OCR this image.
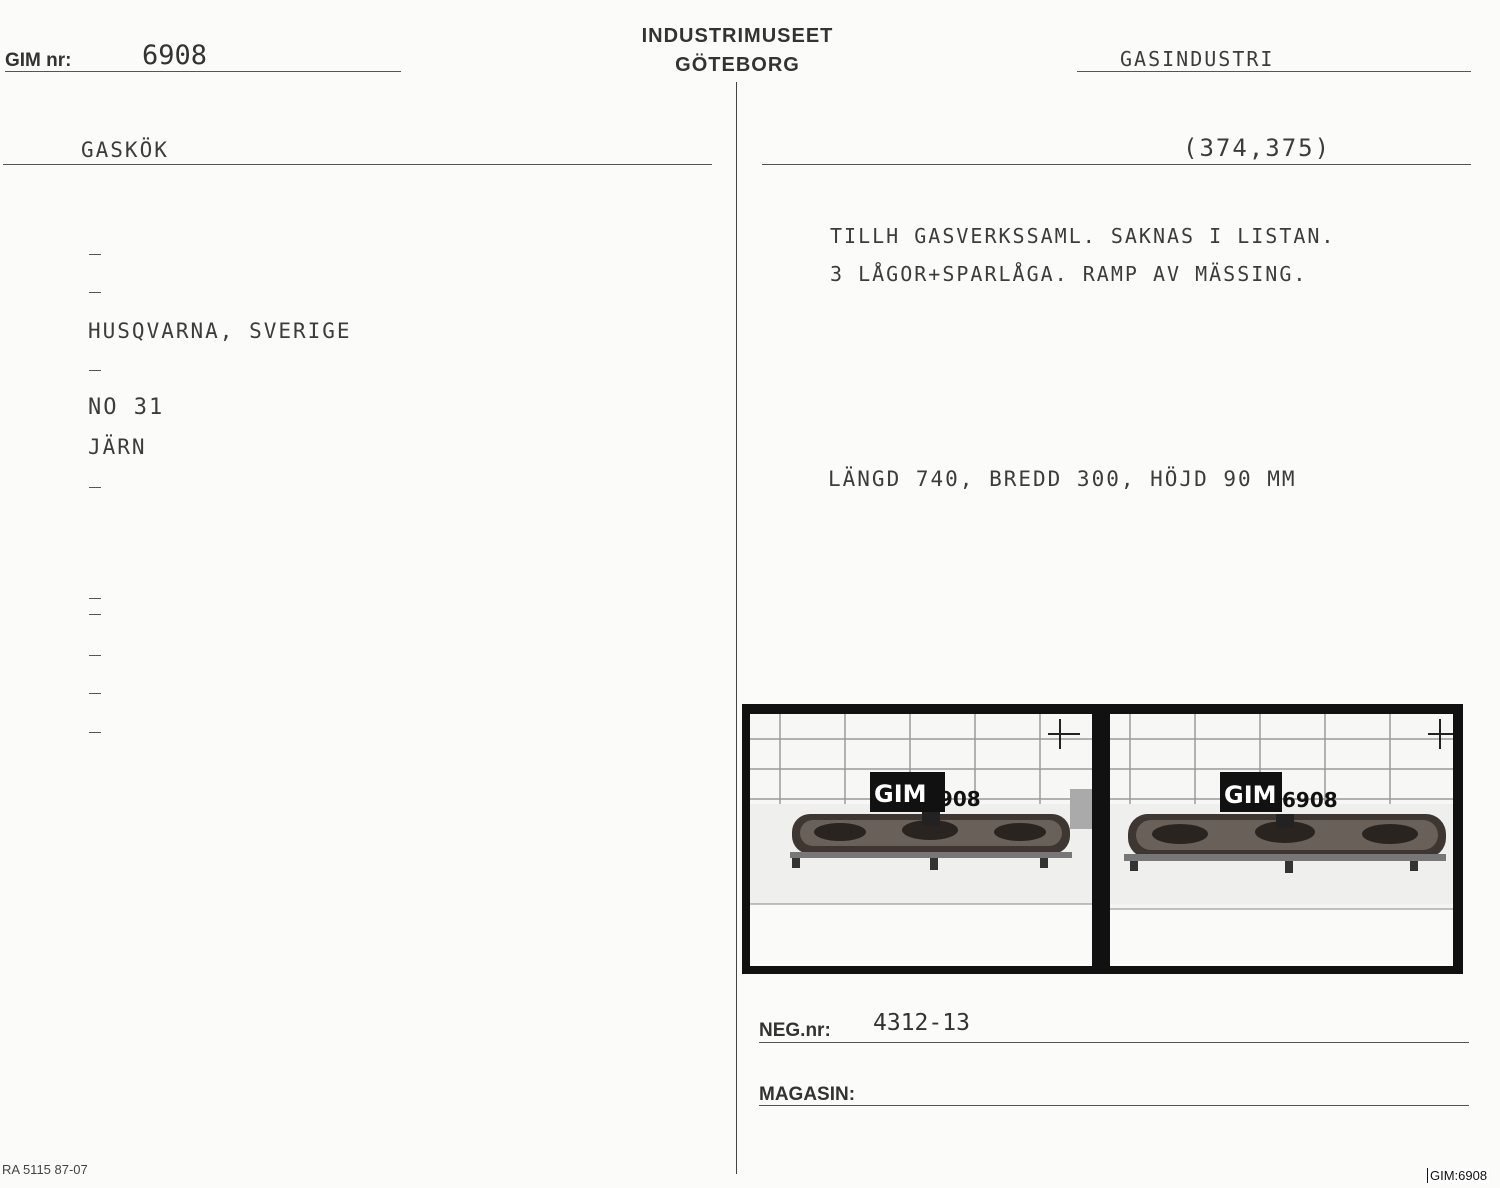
GIM nr:	6908
INDUSTRIMUSEET
GÖTEBORG	GASINDUSTRI
GASKÖK	(374,375)
HUSQVARNA, SVERIGE
NO 31
JÄRN
TILLH GASVERKSSAML. SAKNAS I LISTAN.
3 LÅGOR+SPARLÅGA. RAMP AV MÄSSING.
LÄNGD 740, BREDD 300, HÖJD 90 MM
GIM
6908	GIM 6908
NEG.nr: 4312-13
MAGASIN:
RA 5115 87-07	GIM:6908
